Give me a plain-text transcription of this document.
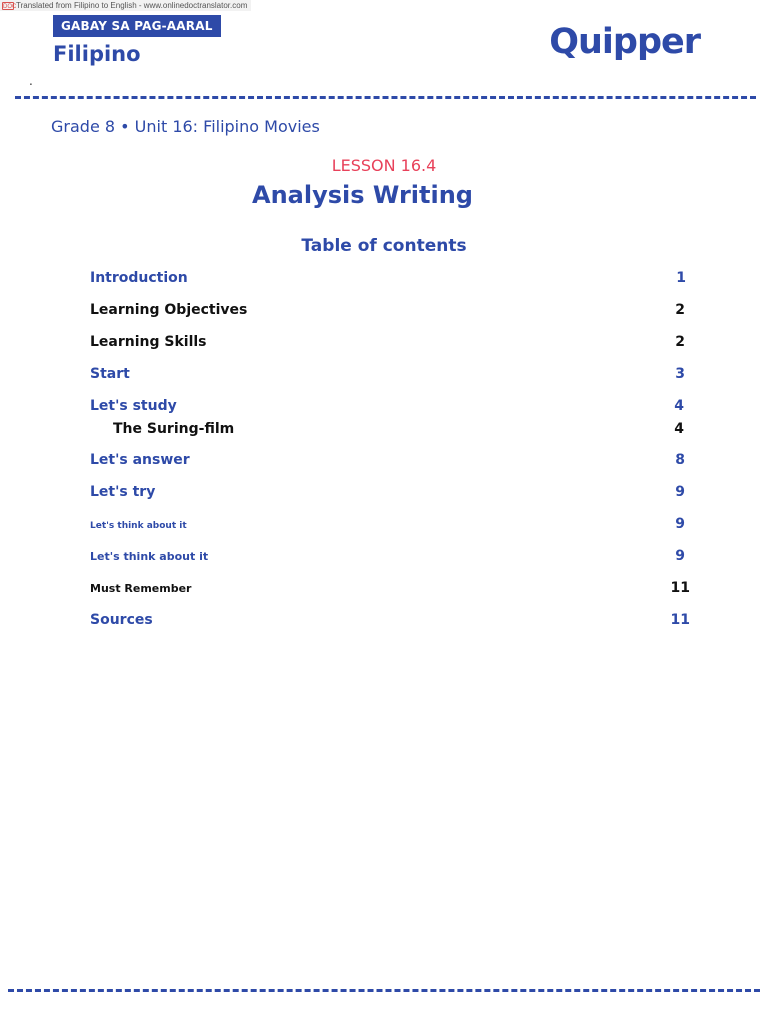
DOC Translated from Filipino to English - www.onlinedoctranslator.com
GABAY SA PAG-AARAL
Filipino	Quipper
.
Grade 8 • Unit 16: Filipino Movies
LESSON 16.4
Analysis Writing
Table of contents
Introduction	1
Learning Objectives	2
Learning Skills	2
Start	3
Let's study	4
The Suring-film	4
Let's answer	8
Let's try	9
Let's think about it	9
Let's think about it	9
Must Remember	11
Sources	11
